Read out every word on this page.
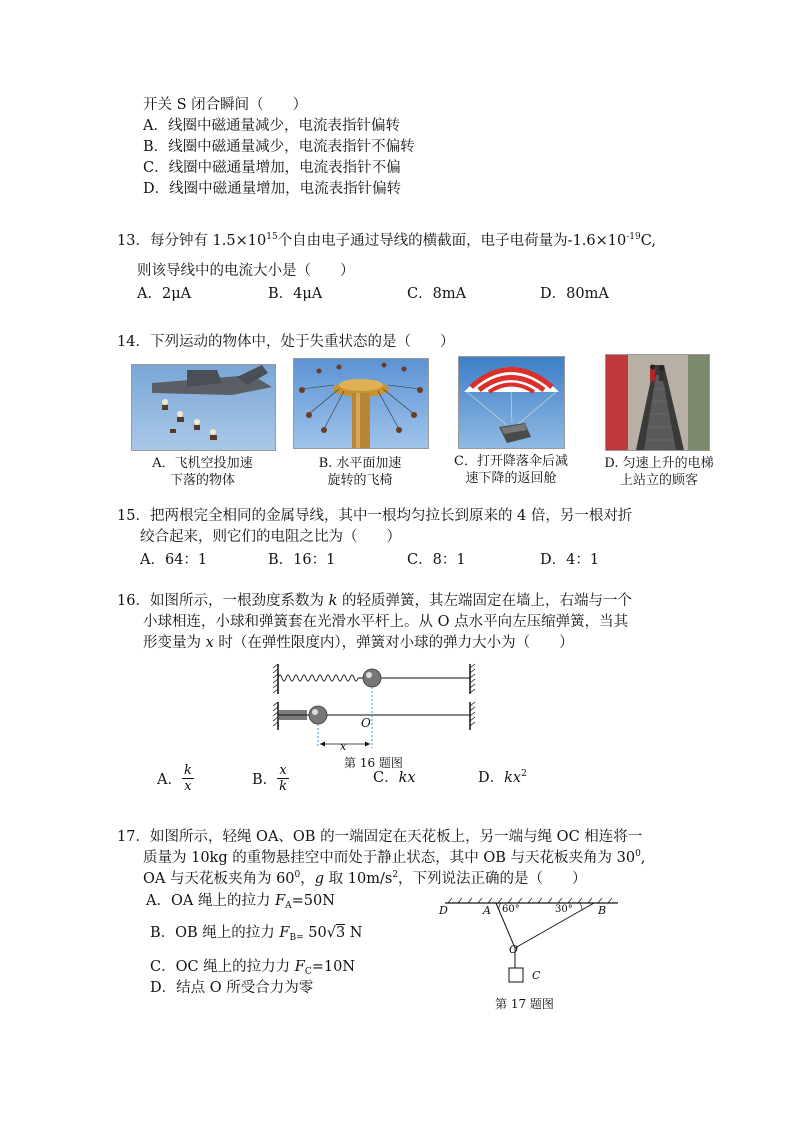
开关 S 闭合瞬间（　　）
A．线圈中磁通量减少，电流表指针偏转
B．线圈中磁通量减少，电流表指针不偏转
C．线圈中磁通量增加，电流表指针不偏
D．线圈中磁通量增加，电流表指针偏转
13．每分钟有 $1.5\times 10^{15}$个自由电子通过导线的横截面，电子电荷量为$-1.6\times 10^{-19}C$,
则该导线中的电流大小是（　　）
A．2μA	B．4μA	C．8mA	D．80mA
14．下列运动的物体中，处于失重状态的是（　　）
A．飞机空投加速
下落的物体
B. 水平面加速
旋转的飞椅
C．打开降落伞后减
速下降的返回舱
D. 匀速上升的电梯
上站立的顾客
15．把两根完全相同的金属导线，其中一根均匀拉长到原来的 4 倍，另一根对折
绞合起来，则它们的电阻之比为（　　）
A．64：1	B．16：1	C．8：1	D．4：1
16．如图所示，一根劲度系数为 k 的轻质弹簧，其左端固定在墙上，右端与一个
小球相连，小球和弹簧套在光滑水平杆上。从 O 点水平向左压缩弹簧，当其
形变量为 x 时（在弹性限度内），弹簧对小球的弹力大小为（　　）
O
x
第 16 题图
A． $\frac{k}{x}$	B． $\frac{x}{k}$	C．kx	D．$kx^2$
17．如图所示，轻绳 OA、OB 的一端固定在天花板上，另一端与绳 OC 相连将一
质量为 10kg 的重物悬挂空中而处于静止状态，其中 OB 与天花板夹角为 $30^0$,
OA 与天花板夹角为 $60^0$，g 取 $10m/s^2$，下列说法正确的是（　　）
A．OA 绳上的拉力 $F_A=50N$
B．OB 绳上的拉力 $F_{B=}$ 50√3 N
C．OC 绳上的拉力力 $F_C=10N$
D．结点 O 所受合力为零
D	A 60°	30° B
O
C
第 17 题图
